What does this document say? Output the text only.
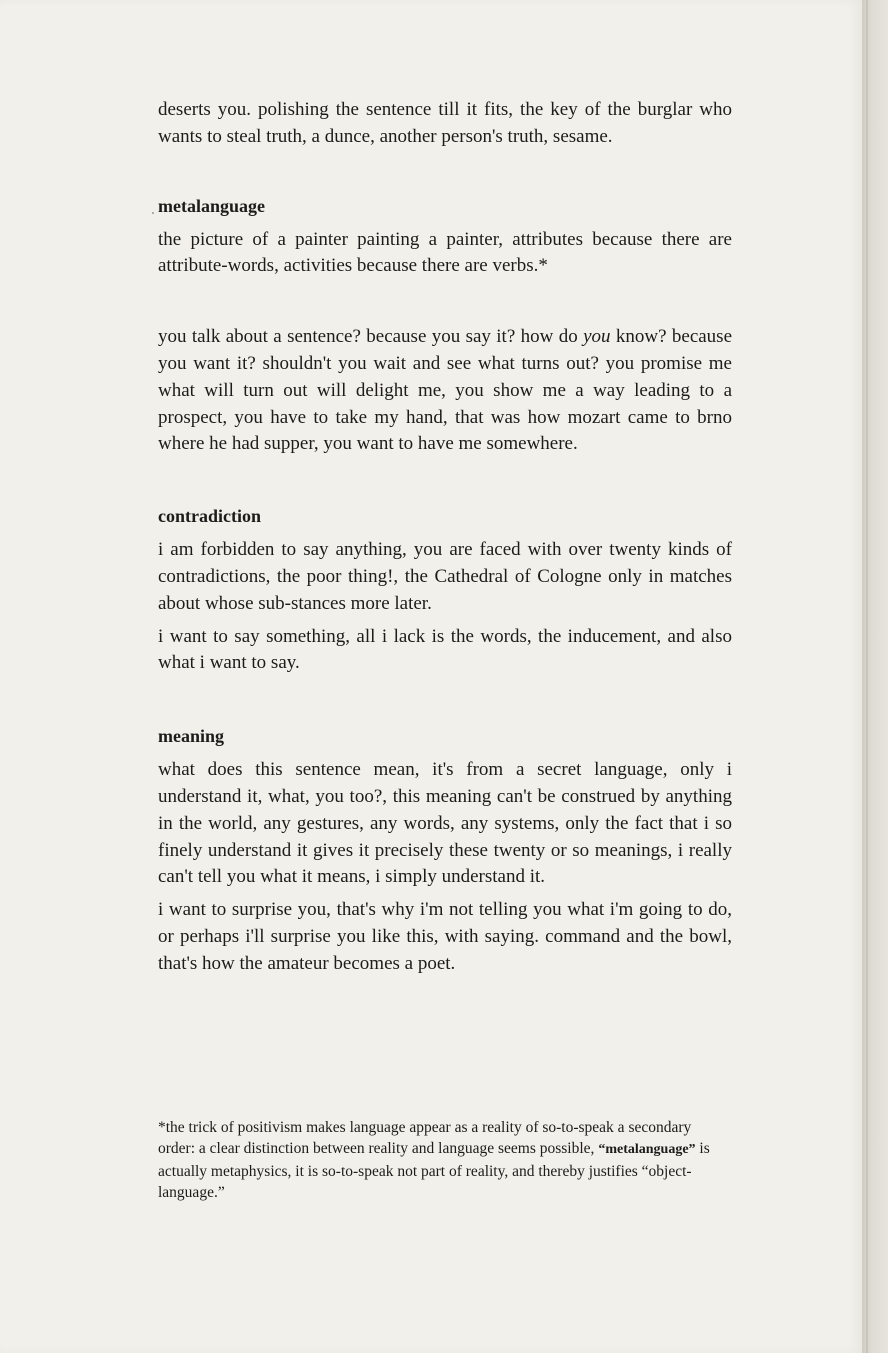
deserts you. polishing the sentence till it fits, the key of the burglar who wants to steal truth, a dunce, another person's truth, sesame.

metalanguage

the picture of a painter painting a painter, attributes because there are attribute-words, activities because there are verbs.*

you talk about a sentence? because you say it? how do you know? because you want it? shouldn't you wait and see what turns out? you promise me what will turn out will delight me, you show me a way leading to a prospect, you have to take my hand, that was how mozart came to brno where he had supper, you want to have me somewhere.

contradiction

i am forbidden to say anything, you are faced with over twenty kinds of contradictions, the poor thing!, the Cathedral of Cologne only in matches about whose sub-stances more later.

i want to say something, all i lack is the words, the inducement, and also what i want to say.

meaning

what does this sentence mean, it's from a secret language, only i understand it, what, you too?, this meaning can't be construed by anything in the world, any gestures, any words, any systems, only the fact that i so finely understand it gives it precisely these twenty or so meanings, i really can't tell you what it means, i simply understand it.

i want to surprise you, that's why i'm not telling you what i'm going to do, or perhaps i'll surprise you like this, with saying. command and the bowl, that's how the amateur becomes a poet.

*the trick of positivism makes language appear as a reality of so-to-speak a secondary order: a clear distinction between reality and language seems possible, “metalanguage” is actually metaphysics, it is so-to-speak not part of reality, and thereby justifies “object-language.”
